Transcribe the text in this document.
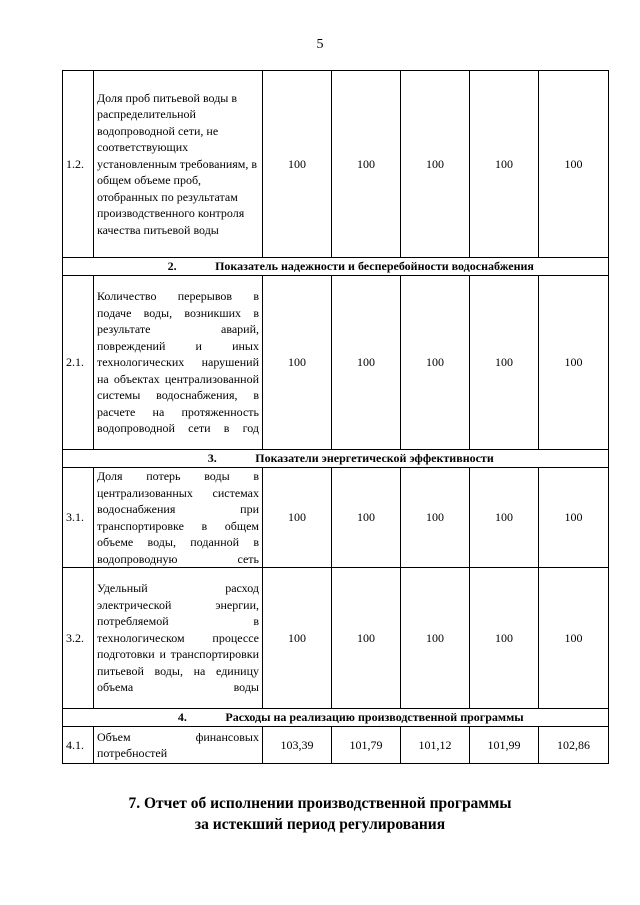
5
1.2.	Доля проб питьевой воды в распределительной водопроводной сети, не соответствующих установленным требованиям, в общем объеме проб, отобранных по результатам производственного контроля качества питьевой воды	100	100	100	100	100
2. Показатель надежности и бесперебойности водоснабжения						
2.1.	Количество перерывов в подаче воды, возникших в результате аварий, повреждений и иных технологических нарушений на объектах централизованной системы водоснабжения, в расчете на протяженность водопроводной сети в год	100	100	100	100	100
3. Показатели энергетической эффективности						
3.1.	Доля потерь воды в централизованных системах водоснабжения при транспортировке в общем объеме воды, поданной в водопроводную сеть	100	100	100	100	100
3.2.	Удельный расход электрической энергии, потребляемой в технологическом процессе подготовки и транспортировки питьевой воды, на единицу объема воды	100	100	100	100	100
4. Расходы на реализацию производственной программы						
4.1.	Объем финансовых потребностей	103,39	101,79	101,12	101,99	102,86
7. Отчет об исполнении производственной программы
за истекший период регулирования
